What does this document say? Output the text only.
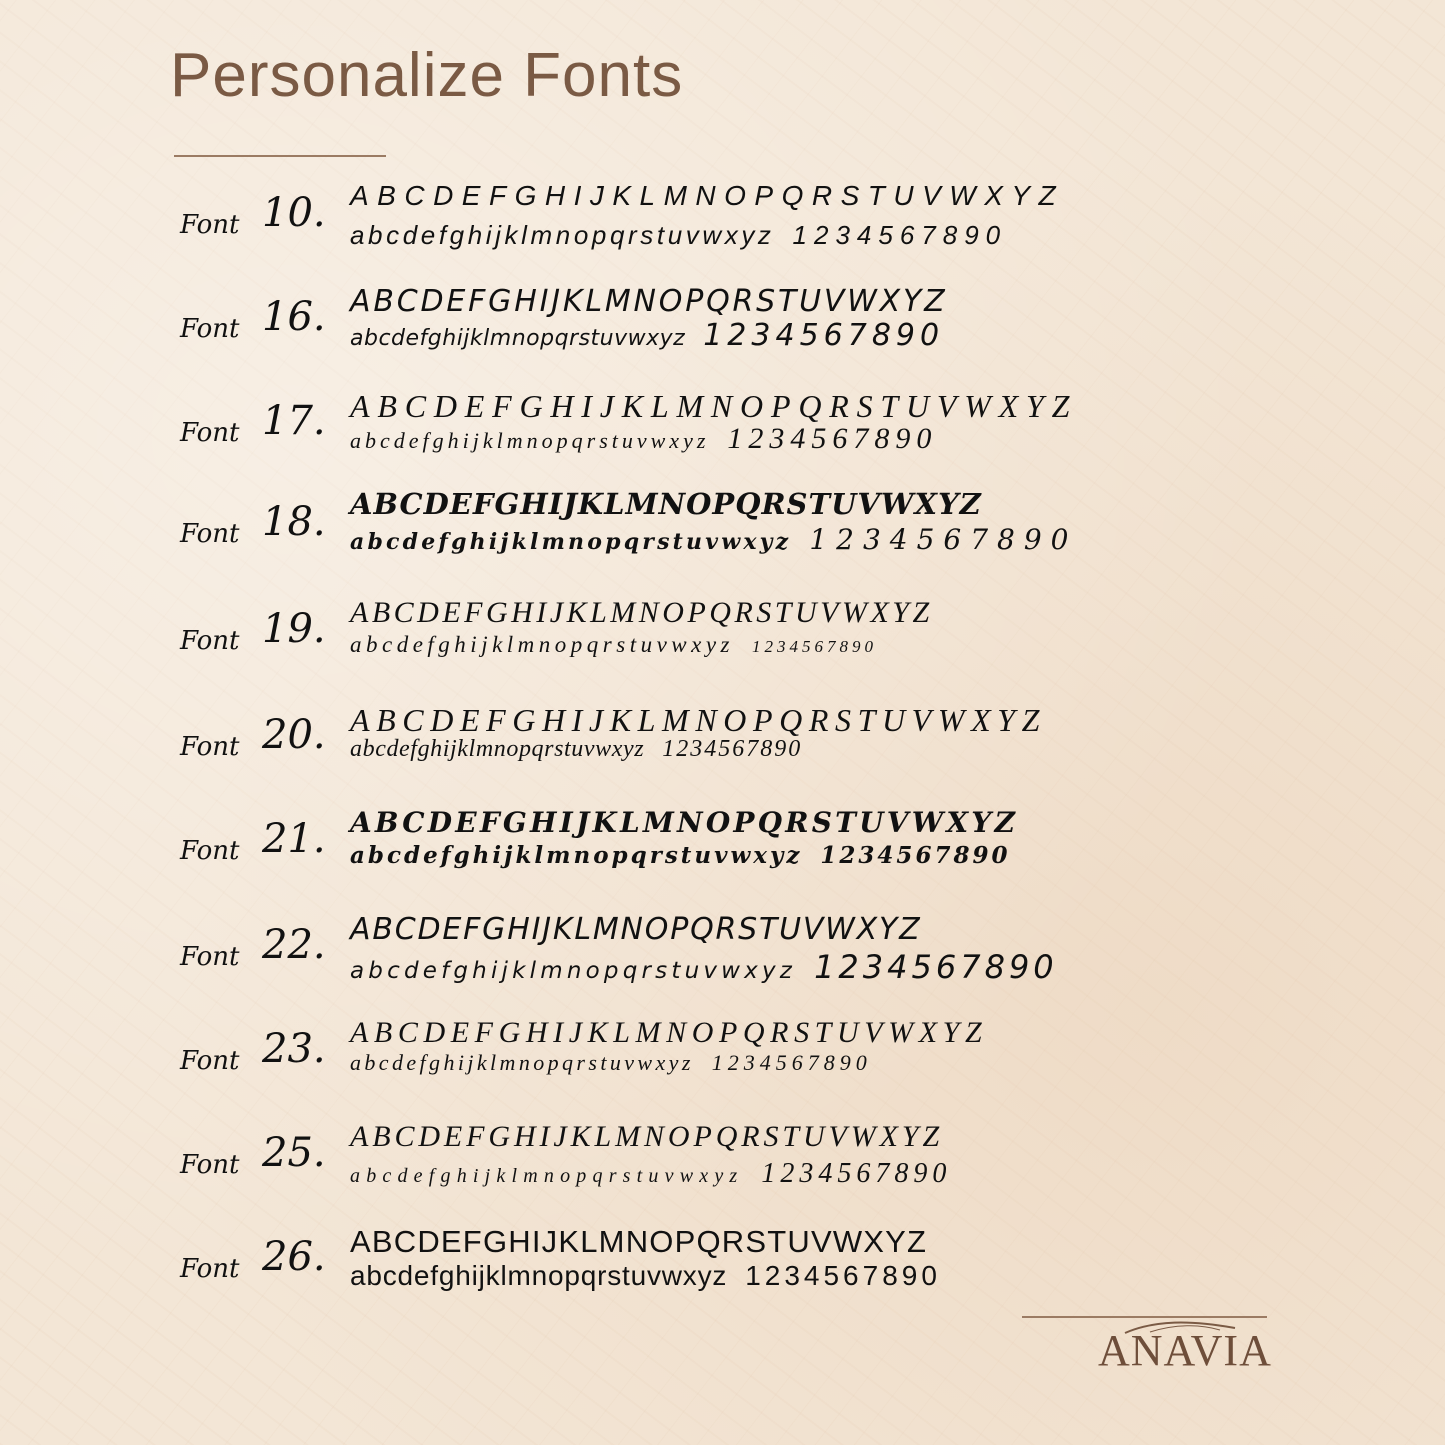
Personalize Fonts
Font 10. ABCDEFGHIJKLMNOPQRSTUVWXYZ
abcdefghijklmnopqrstuvwxyz 1234567890
Font 16. ABCDEFGHIJKLMNOPQRSTUVWXYZ
abcdefghijklmnopqrstuvwxyz 1234567890
Font 17. ABCDEFGHIJKLMNOPQRSTUVWXYZ
abcdefghijklmnopqrstuvwxyz 1234567890
Font 18. ABCDEFGHIJKLMNOPQRSTUVWXYZ
abcdefghijklmnopqrstuvwxyz 1234567890
Font 19. ABCDEFGHIJKLMNOPQRSTUVWXYZ
abcdefghijklmnopqrstuvwxyz 1234567890
Font 20. ABCDEFGHIJKLMNOPQRSTUVWXYZ
abcdefghijklmnopqrstuvwxyz 1234567890
Font 21. ABCDEFGHIJKLMNOPQRSTUVWXYZ
abcdefghijklmnopqrstuvwxyz 1234567890
Font 22. ABCDEFGHIJKLMNOPQRSTUVWXYZ
abcdefghijklmnopqrstuvwxyz 1234567890
Font 23. ABCDEFGHIJKLMNOPQRSTUVWXYZ
abcdefghijklmnopqrstuvwxyz 1234567890
Font 25. ABCDEFGHIJKLMNOPQRSTUVWXYZ
abcdefghijklmnopqrstuvwxyz 1234567890
Font 26. ABCDEFGHIJKLMNOPQRSTUVWXYZ
abcdefghijklmnopqrstuvwxyz 1234567890
ANAVIA
